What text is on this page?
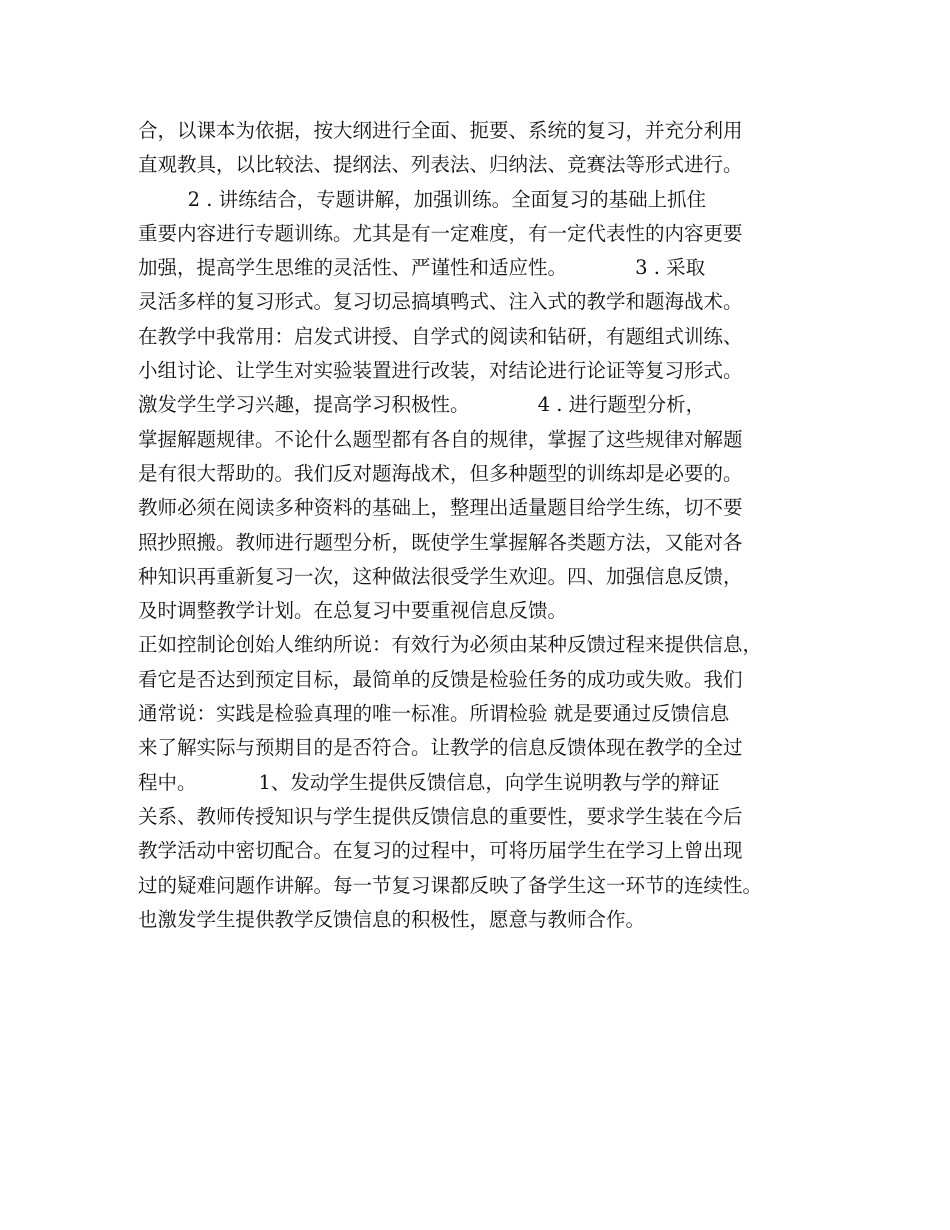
合，以课本为依据，按大纲进行全面、扼要、系统的复习，并充分利用
直观教具，以比较法、提纲法、列表法、归纳法、竞赛法等形式进行。
2 . 讲练结合，专题讲解，加强训练。全面复习的基础上抓住
重要内容进行专题训练。尤其是有一定难度，有一定代表性的内容更要
加强，提高学生思维的灵活性、严谨性和适应性。           3 . 采取
灵活多样的复习形式。复习切忌搞填鸭式、注入式的教学和题海战术。
在教学中我常用：启发式讲授、自学式的阅读和钻研，有题组式训练、
小组讨论、让学生对实验装置进行改装，对结论进行论证等复习形式。
激发学生学习兴趣，提高学习积极性。           4 . 进行题型分析，
掌握解题规律。不论什么题型都有各自的规律，掌握了这些规律对解题
是有很大帮助的。我们反对题海战术，但多种题型的训练却是必要的。
教师必须在阅读多种资料的基础上，整理出适量题目给学生练，切不要
照抄照搬。教师进行题型分析，既使学生掌握解各类题方法，又能对各
种知识再重新复习一次，这种做法很受学生欢迎。四、加强信息反馈，
及时调整教学计划。在总复习中要重视信息反馈。
正如控制论创始人维纳所说：有效行为必须由某种反馈过程来提供信息，
看它是否达到预定目标，最简单的反馈是检验任务的成功或失败。我们
通常说：实践是检验真理的唯一标准。所谓检验 就是要通过反馈信息
来了解实际与预期目的是否符合。让教学的信息反馈体现在教学的全过
程中。          1、发动学生提供反馈信息，向学生说明教与学的辩证
关系、教师传授知识与学生提供反馈信息的重要性，要求学生装在今后
教学活动中密切配合。在复习的过程中，可将历届学生在学习上曾出现
过的疑难问题作讲解。每一节复习课都反映了备学生这一环节的连续性。
也激发学生提供教学反馈信息的积极性，愿意与教师合作。
